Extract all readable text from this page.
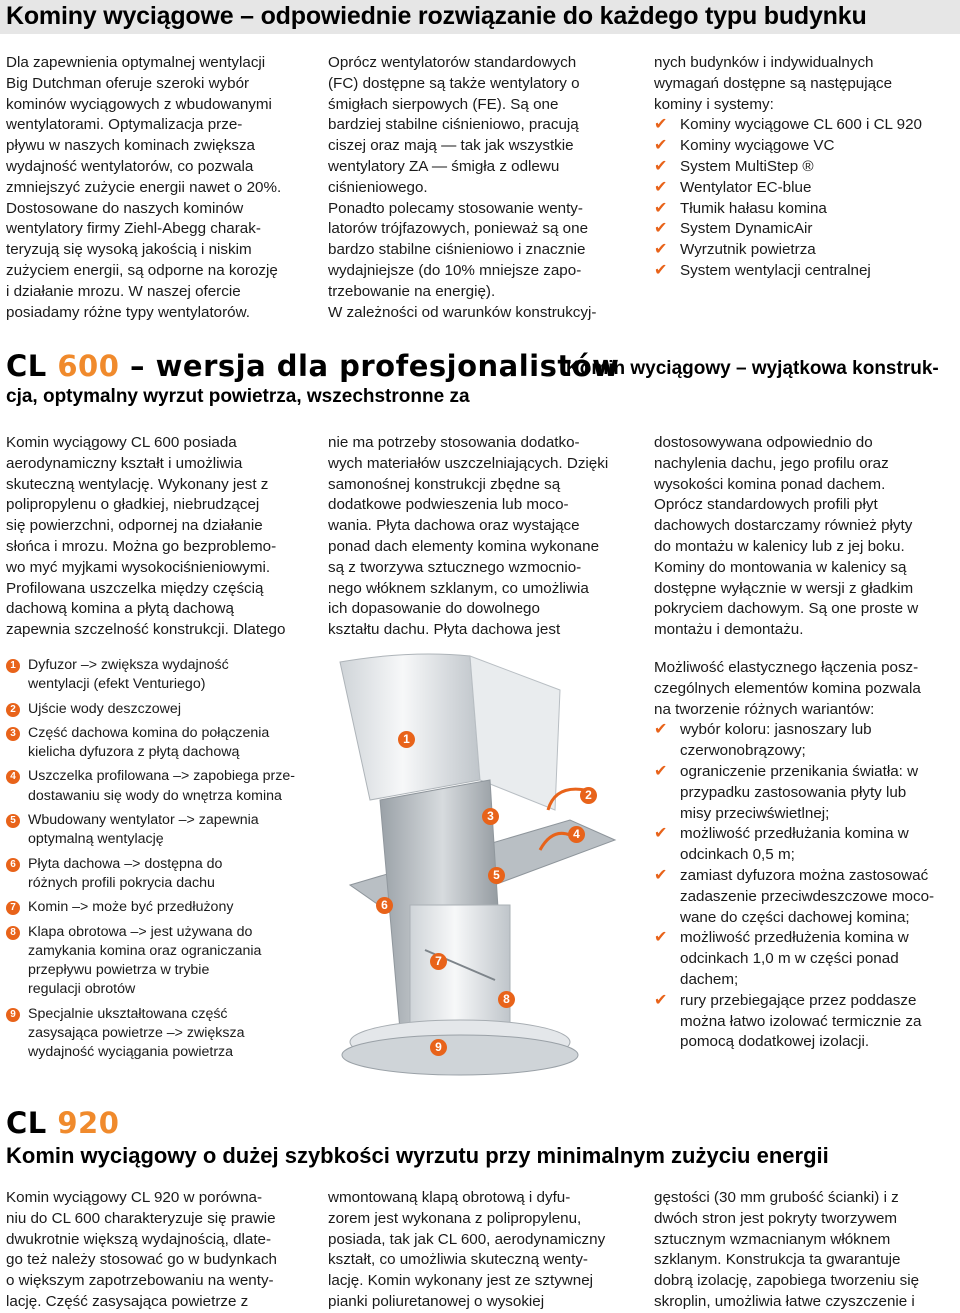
Kominy wyciągowe – odpowiednie rozwiązanie do każdego typu budynku
Dla zapewnienia optymalnej wentylacji
Big Dutchman oferuje szeroki wybór
kominów wyciągowych z wbudowanymi
wentylatorami. Optymalizacja prze-
pływu w naszych kominach zwiększa
wydajność wentylatorów, co pozwala
zmniejszyć zużycie energii nawet o 20%.
Dostosowane do naszych kominów
wentylatory firmy Ziehl-Abegg charak-
teryzują się wysoką jakością i niskim
zużyciem energii, są odporne na korozję
i działanie mrozu. W naszej ofercie
posiadamy różne typy wentylatorów.
Oprócz wentylatorów standardowych
(FC) dostępne są także wentylatory o
śmigłach sierpowych (FE). Są one
bardziej stabilne ciśnieniowo, pracują
ciszej oraz mają — tak jak wszystkie
wentylatory ZA — śmigła z odlewu
ciśnieniowego.
Ponadto polecamy stosowanie wenty-
latorów trójfazowych, ponieważ są one
bardzo stabilne ciśnieniowo i znacznie
wydajniejsze (do 10% mniejsze zapo-
trzebowanie na energię).
W zależności od warunków konstrukcyj-
nych budynków i indywidualnych
wymagań dostępne są następujące
kominy i systemy:
✔ Kominy wyciągowe CL 600 i CL 920
✔ Kominy wyciągowe VC
✔ System MultiStep ®
✔ Wentylator EC-blue
✔ Tłumik hałasu komina
✔ System DynamicAir
✔ Wyrzutnik powietrza
✔ System wentylacji centralnej
CL 600 – wersja dla profesjonalistów
Komin wyciągowy – wyjątkowa konstruk-
cja, optymalny wyrzut powietrza, wszechstronne za
Komin wyciągowy CL 600 posiada
aerodynamiczny kształt i umożliwia
skuteczną wentylację. Wykonany jest z
polipropylenu o gładkiej, niebrudzącej
się powierzchni, odpornej na działanie
słońca i mrozu. Można go bezproblemo-
wo myć myjkami wysokociśnieniowymi.
Profilowana uszczelka między częścią
dachową komina a płytą dachową
zapewnia szczelność konstrukcji. Dlatego
nie ma potrzeby stosowania dodatko-
wych materiałów uszczelniających. Dzięki
samonośnej konstrukcji zbędne są
dodatkowe podwieszenia lub moco-
wania. Płyta dachowa oraz wystające
ponad dach elementy komina wykonane
są z tworzywa sztucznego wzmocnio-
nego włóknem szklanym, co umożliwia
ich dopasowanie do dowolnego
kształtu dachu. Płyta dachowa jest
dostosowywana odpowiednio do
nachylenia dachu, jego profilu oraz
wysokości komina ponad dachem.
Oprócz standardowych profili płyt
dachowych dostarczamy również płyty
do montażu w kalenicy lub z jej boku.
Kominy do montowania w kalenicy są
dostępne wyłącznie w wersji z gładkim
pokryciem dachowym. Są one proste w
montażu i demontażu.
1 Dyfuzor –> zwiększa wydajność
wentylacji (efekt Venturiego)
2 Ujście wody deszczowej
3 Część dachowa komina do połączenia
kielicha dyfuzora z płytą dachową
4 Uszczelka profilowana –> zapobiega prze-
dostawaniu się wody do wnętrza komina
5 Wbudowany wentylator –> zapewnia
optymalną wentylację
6 Płyta dachowa –> dostępna do
różnych profili pokrycia dachu
7 Komin –> może być przedłużony
8 Klapa obrotowa –> jest używana do
zamykania komina oraz ograniczania
przepływu powietrza w trybie
regulacji obrotów
9 Specjalnie ukształtowana część
zasysająca powietrze –> zwiększa
wydajność wyciągania powietrza
1
2
3
4
5
6
7
8
9
Możliwość elastycznego łączenia posz-
czególnych elementów komina pozwala
na tworzenie różnych wariantów:
✔ wybór koloru: jasnoszary lub
czerwonobrązowy;
✔ ograniczenie przenikania światła: w
przypadku zastosowania płyty lub
misy przeciwświetlnej;
✔ możliwość przedłużania komina w
odcinkach 0,5 m;
✔ zamiast dyfuzora można zastosować
zadaszenie przeciwdeszczowe moco-
wane do części dachowej komina;
✔ możliwość przedłużenia komina w
odcinkach 1,0 m w części ponad
dachem;
✔ rury przebiegające przez poddasze
można łatwo izolować termicznie za
pomocą dodatkowej izolacji.
CL 920
Komin wyciągowy o dużej szybkości wyrzutu przy minimalnym zużyciu energii
Komin wyciągowy CL 920 w porówna-
niu do CL 600 charakteryzuje się prawie
dwukrotnie większą wydajnością, dlate-
go też należy stosować go w budynkach
o większym zapotrzebowaniu na wenty-
lację. Część zasysająca powietrze z
wmontowaną klapą obrotową i dyfu-
zorem jest wykonana z polipropylenu,
posiada, tak jak CL 600, aerodynamiczny
kształt, co umożliwia skuteczną wenty-
lację. Komin wykonany jest ze sztywnej
pianki poliuretanowej o wysokiej
gęstości (30 mm grubość ścianki) i z
dwóch stron jest pokryty tworzywem
sztucznym wzmacnianym włóknem
szklanym. Konstrukcja ta gwarantuje
dobrą izolację, zapobiega tworzeniu się
skroplin, umożliwia łatwe czyszczenie i
